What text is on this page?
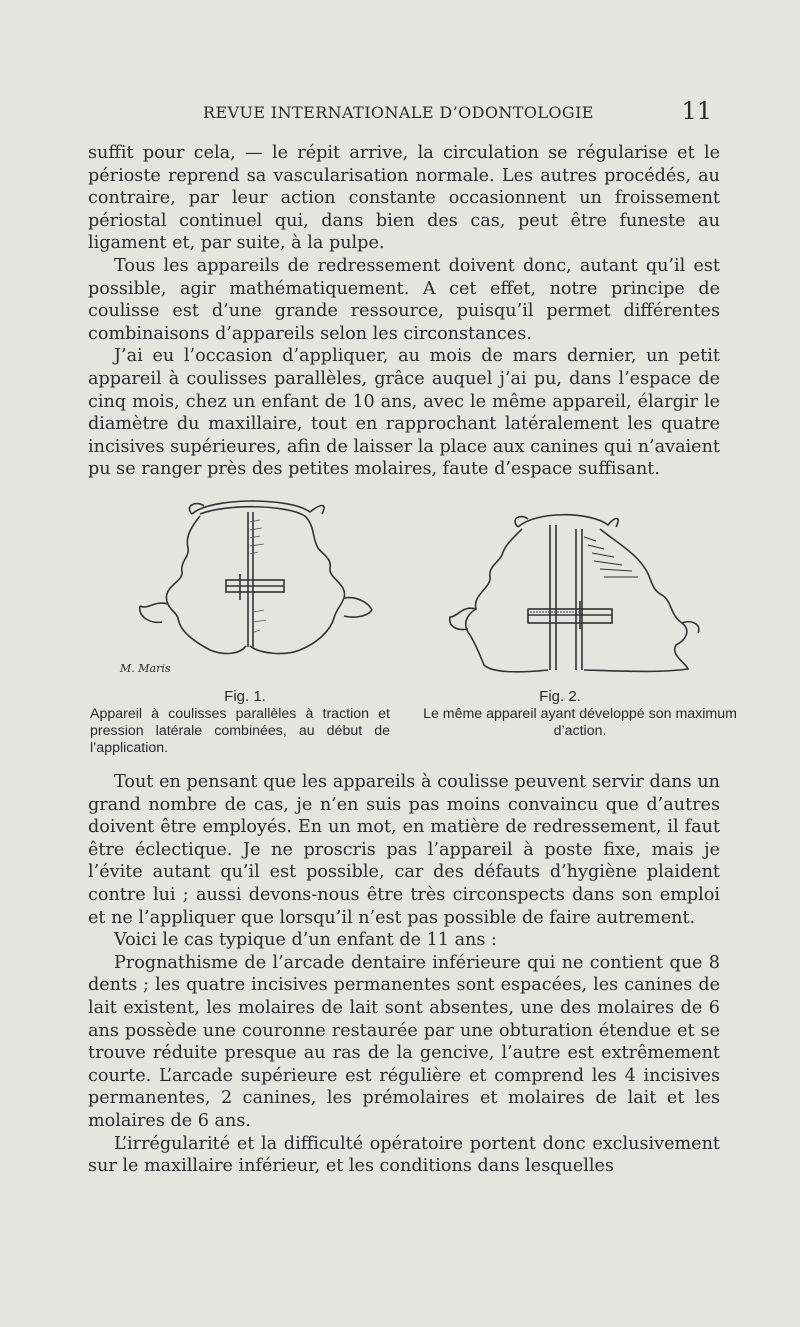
REVUE INTERNATIONALE D’ODONTOLOGIE	11

suffit pour cela, — le répit arrive, la circulation se régularise et le périoste reprend sa vascularisation normale. Les autres procédés, au contraire, par leur action constante occasionnent un froissement périostal continuel qui, dans bien des cas, peut être funeste au ligament et, par suite, à la pulpe.

Tous les appareils de redressement doivent donc, autant qu’il est possible, agir mathématiquement. A cet effet, notre principe de coulisse est d’une grande ressource, puisqu’il permet différentes combinaisons d’appareils selon les circonstances.

J’ai eu l’occasion d’appliquer, au mois de mars dernier, un petit appareil à coulisses parallèles, grâce auquel j’ai pu, dans l’espace de cinq mois, chez un enfant de 10 ans, avec le même appareil, élargir le diamètre du maxillaire, tout en rapprochant latéralement les quatre incisives supérieures, afin de laisser la place aux canines qui n’avaient pu se ranger près des petites molaires, faute d’espace suffisant.

M. Maris
Fig. 1.
Appareil à coulisses parallèles à traction et pression latérale combinées, au début de l’application.
Fig. 2.
Le même appareil ayant développé son maximum d’action.

Tout en pensant que les appareils à coulisse peuvent servir dans un grand nombre de cas, je n’en suis pas moins convaincu que d’autres doivent être employés. En un mot, en matière de redressement, il faut être éclectique. Je ne proscris pas l’appareil à poste fixe, mais je l’évite autant qu’il est possible, car des défauts d’hygiène plaident contre lui ; aussi devons-nous être très circonspects dans son emploi et ne l’appliquer que lorsqu’il n’est pas possible de faire autrement.

Voici le cas typique d’un enfant de 11 ans :

Prognathisme de l’arcade dentaire inférieure qui ne contient que 8 dents ; les quatre incisives permanentes sont espacées, les canines de lait existent, les molaires de lait sont absentes, une des molaires de 6 ans possède une couronne restaurée par une obturation étendue et se trouve réduite presque au ras de la gencive, l’autre est extrêmement courte. L’arcade supérieure est régulière et comprend les 4 incisives permanentes, 2 canines, les prémolaires et molaires de lait et les molaires de 6 ans.

L’irrégularité et la difficulté opératoire portent donc exclusivement sur le maxillaire inférieur, et les conditions dans lesquelles
